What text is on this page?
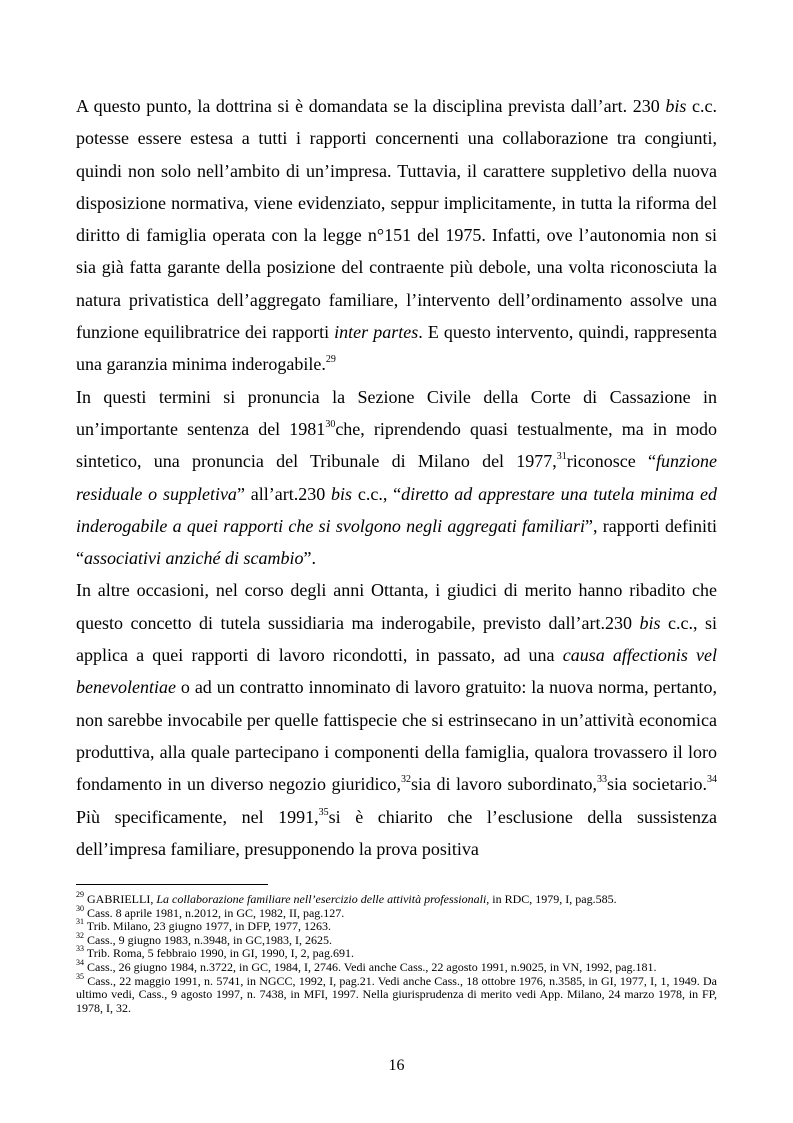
A questo punto, la dottrina si è domandata se la disciplina prevista dall’art. 230 bis c.c. potesse essere estesa a tutti i rapporti concernenti una collaborazione tra congiunti, quindi non solo nell’ambito di un’impresa. Tuttavia, il carattere suppletivo della nuova disposizione normativa, viene evidenziato, seppur implicitamente, in tutta la riforma del diritto di famiglia operata con la legge n°151 del 1975. Infatti, ove l’autonomia non si sia già fatta garante della posizione del contraente più debole, una volta riconosciuta la natura privatistica dell’aggregato familiare, l’intervento dell’ordinamento assolve una funzione equilibratrice dei rapporti inter partes. E questo intervento, quindi, rappresenta una garanzia minima inderogabile.$^{29}$

In questi termini si pronuncia la Sezione Civile della Corte di Cassazione in un’importante sentenza del 1981$^{30}$che, riprendendo quasi testualmente, ma in modo sintetico, una pronuncia del Tribunale di Milano del 1977,31riconosce “funzione residuale o suppletiva” all’art.230 bis c.c., “diretto ad apprestare una tutela minima ed inderogabile a quei rapporti che si svolgono negli aggregati familiari”, rapporti definiti “associativi anziché di scambio”.

In altre occasioni, nel corso degli anni Ottanta, i giudici di merito hanno ribadito che questo concetto di tutela sussidiaria ma inderogabile, previsto dall’art.230 bis c.c., si applica a quei rapporti di lavoro ricondotti, in passato, ad una causa affectionis vel benevolentiae o ad un contratto innominato di lavoro gratuito: la nuova norma, pertanto, non sarebbe invocabile per quelle fattispecie che si estrinsecano in un’attività economica produttiva, alla quale partecipano i componenti della famiglia, qualora trovassero il loro fondamento in un diverso negozio giuridico,$^{32}$sia di lavoro subordinato,$^{33}$sia societario.$^{34}$ Più specificamente, nel 1991,35si è chiarito che l’esclusione della sussistenza dell’impresa familiare, presupponendo la prova positiva

$^{29}$ GABRIELLI, La collaborazione familiare nell’esercizio delle attività professionali, in RDC, 1979, I, pag.585.

$^{30}$ Cass. 8 aprile 1981, n.2012, in GC, 1982, II, pag.127.

$^{31}$ Trib. Milano, 23 giugno 1977, in DFP, 1977, 1263.

$^{32}$ Cass., 9 giugno 1983, n.3948, in GC,1983, I, 2625.

$^{33}$ Trib. Roma, 5 febbraio 1990, in GI, 1990, I, 2, pag.691.

$^{34}$ Cass., 26 giugno 1984, n.3722, in GC, 1984, I, 2746. Vedi anche Cass., 22 agosto 1991, n.9025, in VN, 1992, pag.181.

$^{35}$ Cass., 22 maggio 1991, n. 5741, in NGCC, 1992, I, pag.21. Vedi anche Cass., 18 ottobre 1976, n.3585, in GI, 1977, I, 1, 1949. Da ultimo vedi, Cass., 9 agosto 1997, n. 7438, in MFI, 1997. Nella giurisprudenza di merito vedi App. Milano, 24 marzo 1978, in FP, 1978, I, 32.

16
